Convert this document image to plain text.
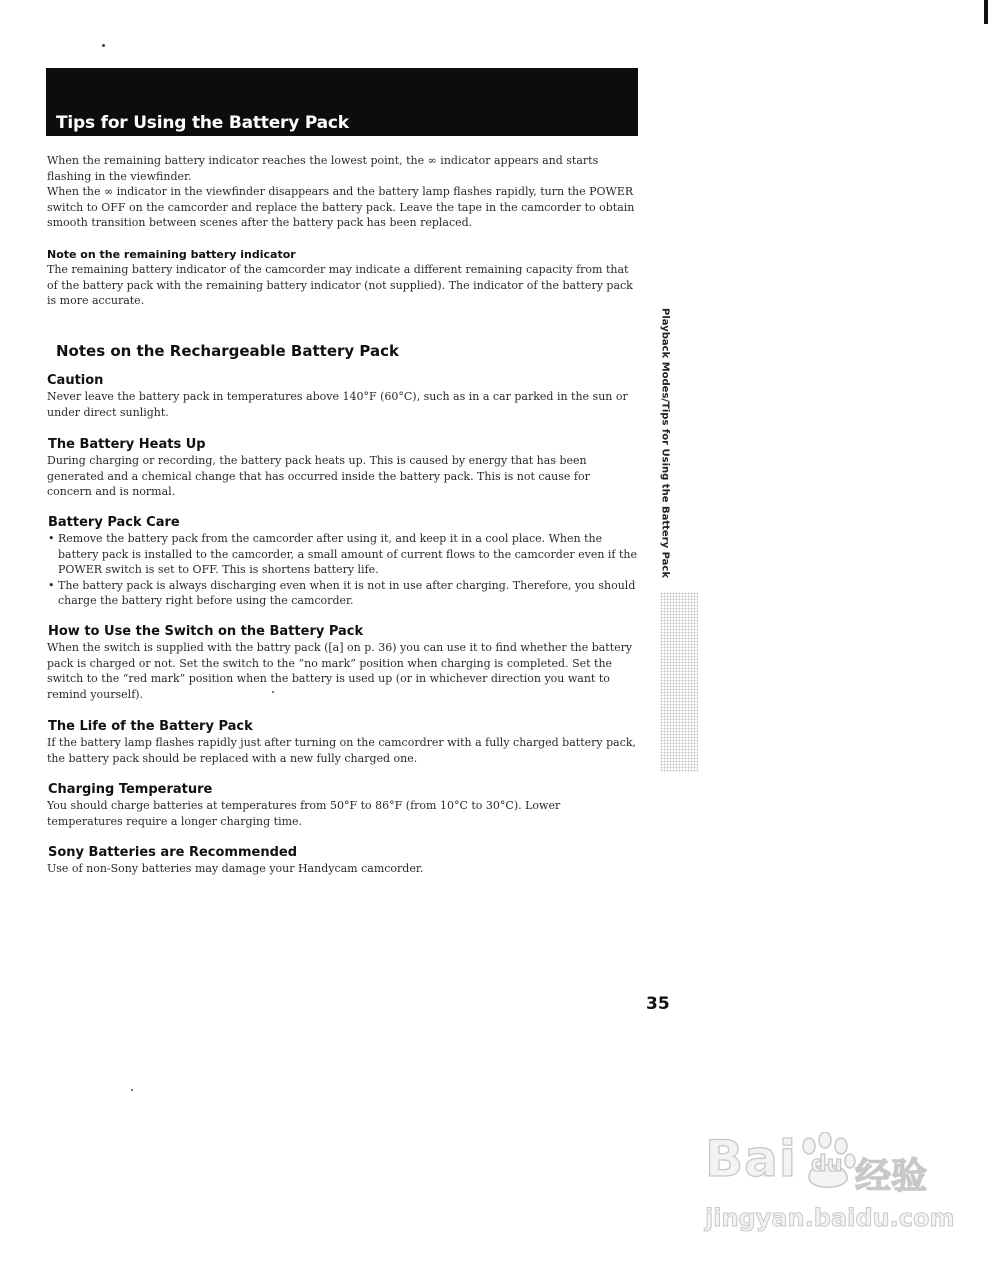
Tips for Using the Battery Pack
When the remaining battery indicator reaches the lowest point, the ∞ indicator appears and starts flashing in the viewfinder.
When the ∞ indicator in the viewfinder disappears and the battery lamp flashes rapidly, turn the POWER switch to OFF on the camcorder and replace the battery pack. Leave the tape in the camcorder to obtain smooth transition between scenes after the battery pack has been replaced.
Note on the remaining battery indicator
The remaining battery indicator of the camcorder may indicate a different remaining capacity from that of the battery pack with the remaining battery indicator (not supplied). The indicator of the battery pack is more accurate.
Notes on the Rechargeable Battery Pack
Caution
Never leave the battery pack in temperatures above 140°F (60°C), such as in a car parked in the sun or under direct sunlight.
The Battery Heats Up
During charging or recording, the battery pack heats up. This is caused by energy that has been generated and a chemical change that has occurred inside the battery pack. This is not cause for concern and is normal.
Battery Pack Care
• Remove the battery pack from the camcorder after using it, and keep it in a cool place. When the battery pack is installed to the camcorder, a small amount of current flows to the camcorder even if the POWER switch is set to OFF. This is shortens battery life.
• The battery pack is always discharging even when it is not in use after charging. Therefore, you should charge the battery right before using the camcorder.
How to Use the Switch on the Battery Pack
When the switch is supplied with the battry pack ([a] on p. 36) you can use it to find whether the battery pack is charged or not. Set the switch to the “no mark” position when charging is completed. Set the switch to the “red mark” position when the battery is used up (or in whichever direction you want to remind yourself).
The Life of the Battery Pack
If the battery lamp flashes rapidly just after turning on the camcordrer with a fully charged battery pack, the battery pack should be replaced with a new fully charged one.
Charging Temperature
You should charge batteries at temperatures from 50°F to 86°F (from 10°C to 30°C). Lower temperatures require a longer charging time.
Sony Batteries are Recommended
Use of non-Sony batteries may damage your Handycam camcorder.
Playback Modes/Tips for Using the Battery Pack
35
Bai du 经验
jingyan.baidu.com
